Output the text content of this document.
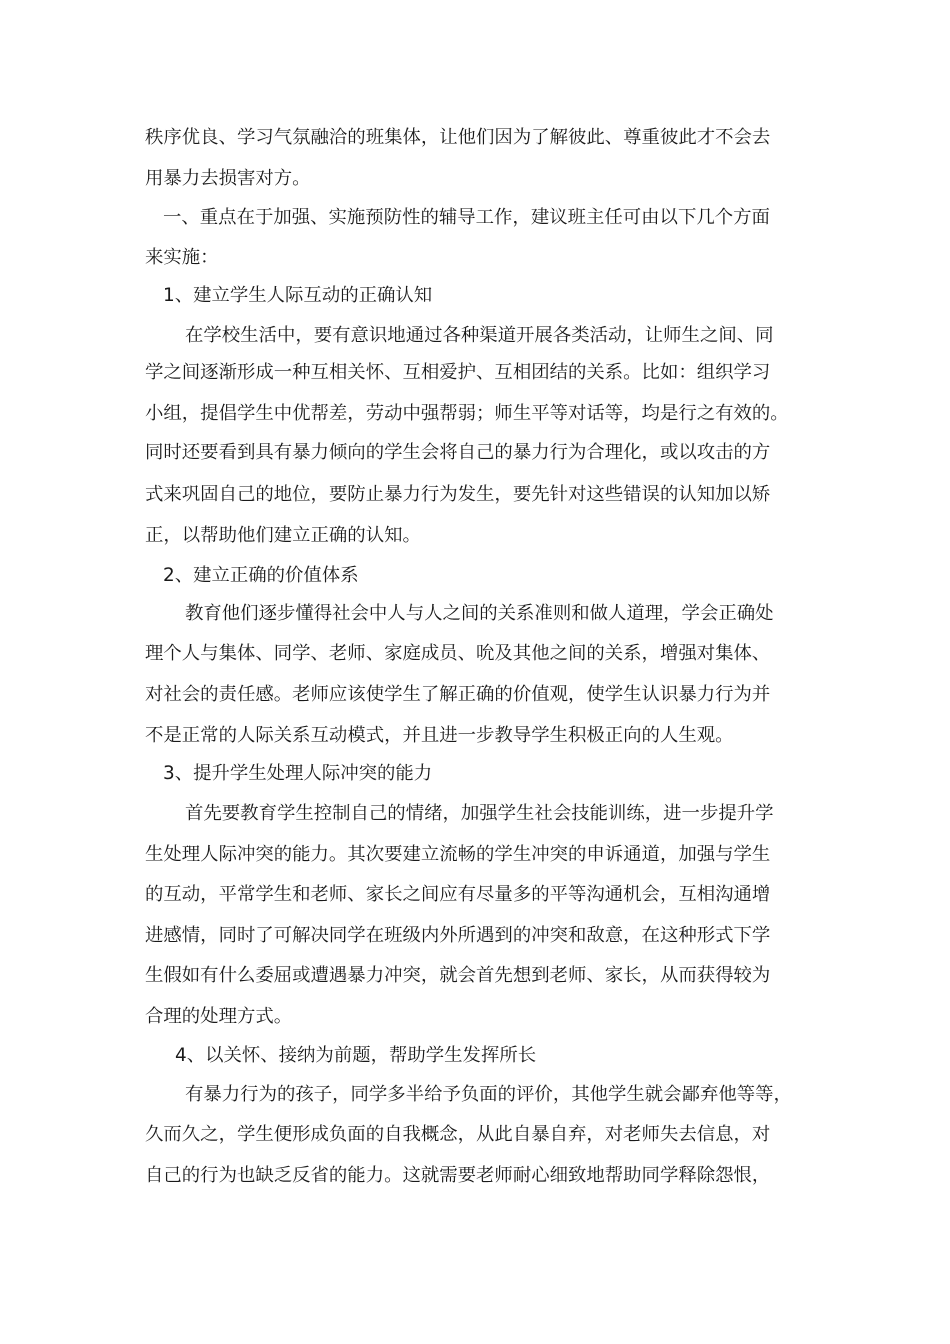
秩序优良、学习气氛融洽的班集体，让他们因为了解彼此、尊重彼此才不会去
用暴力去损害对方。
一、重点在于加强、实施预防性的辅导工作，建议班主任可由以下几个方面
来实施：
1、建立学生人际互动的正确认知
在学校生活中，要有意识地通过各种渠道开展各类活动，让师生之间、同
学之间逐渐形成一种互相关怀、互相爱护、互相团结的关系。比如：组织学习
小组，提倡学生中优帮差，劳动中强帮弱；师生平等对话等，均是行之有效的。
同时还要看到具有暴力倾向的学生会将自己的暴力行为合理化，或以攻击的方
式来巩固自己的地位，要防止暴力行为发生，要先针对这些错误的认知加以矫
正，以帮助他们建立正确的认知。
2、建立正确的价值体系
教育他们逐步懂得社会中人与人之间的关系准则和做人道理，学会正确处
理个人与集体、同学、老师、家庭成员、吮及其他之间的关系，增强对集体、
对社会的责任感。老师应该使学生了解正确的价值观，使学生认识暴力行为并
不是正常的人际关系互动模式，并且进一步教导学生积极正向的人生观。
3、提升学生处理人际冲突的能力
首先要教育学生控制自己的情绪，加强学生社会技能训练，进一步提升学
生处理人际冲突的能力。其次要建立流畅的学生冲突的申诉通道，加强与学生
的互动，平常学生和老师、家长之间应有尽量多的平等沟通机会，互相沟通增
进感情，同时了可解决同学在班级内外所遇到的冲突和敌意，在这种形式下学
生假如有什么委屈或遭遇暴力冲突，就会首先想到老师、家长，从而获得较为
合理的处理方式。
4、以关怀、接纳为前题，帮助学生发挥所长
有暴力行为的孩子，同学多半给予负面的评价，其他学生就会鄙弃他等等，
久而久之，学生便形成负面的自我概念，从此自暴自弃，对老师失去信息，对
自己的行为也缺乏反省的能力。这就需要老师耐心细致地帮助同学释除怨恨，
